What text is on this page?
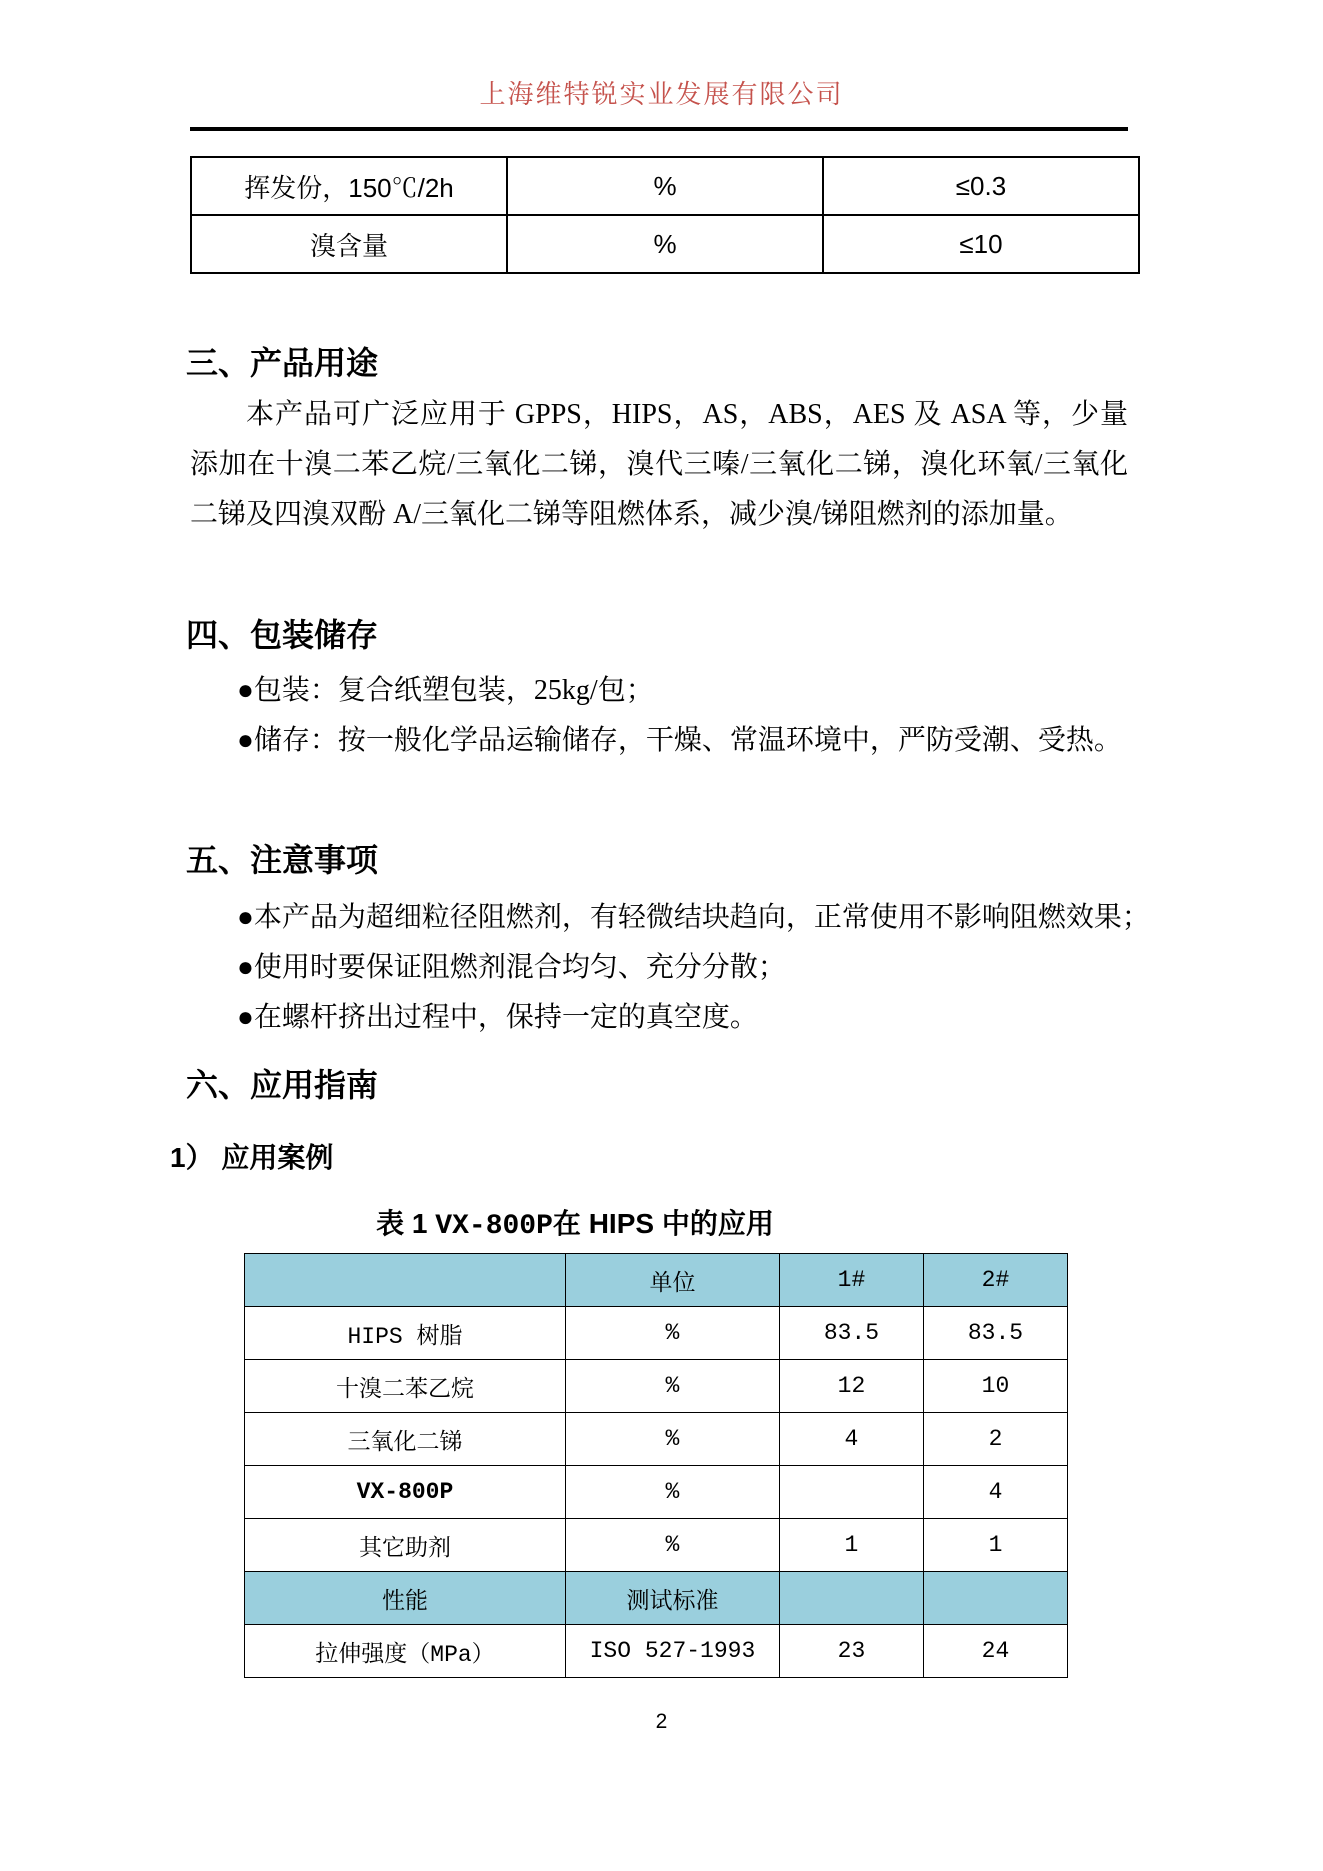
上海维特锐实业发展有限公司
挥发份，150℃/2h	%	≤0.3
溴含量	%	≤10
三、产品用途
本产品可广泛应用于 GPPS，HIPS，AS，ABS，AES 及 ASA 等，少量添加在十溴二苯乙烷/三氧化二锑，溴代三嗪/三氧化二锑，溴化环氧/三氧化二锑及四溴双酚 A/三氧化二锑等阻燃体系，减少溴/锑阻燃剂的添加量。
四、包装储存
●包装：复合纸塑包装，25kg/包；
●储存：按一般化学品运输储存，干燥、常温环境中，严防受潮、受热。
五、注意事项
●本产品为超细粒径阻燃剂，有轻微结块趋向，正常使用不影响阻燃效果；
●使用时要保证阻燃剂混合均匀、充分分散；
●在螺杆挤出过程中，保持一定的真空度。
六、应用指南
1） 应用案例
表 1 VX-800P在 HIPS 中的应用
	单位	1#	2#
HIPS 树脂	%	83.5	83.5
十溴二苯乙烷	%	12	10
三氧化二锑	%	4	2
VX-800P	%		4
其它助剂	%	1	1
性能	测试标准		
拉伸强度（MPa）	ISO 527-1993	23	24
2
